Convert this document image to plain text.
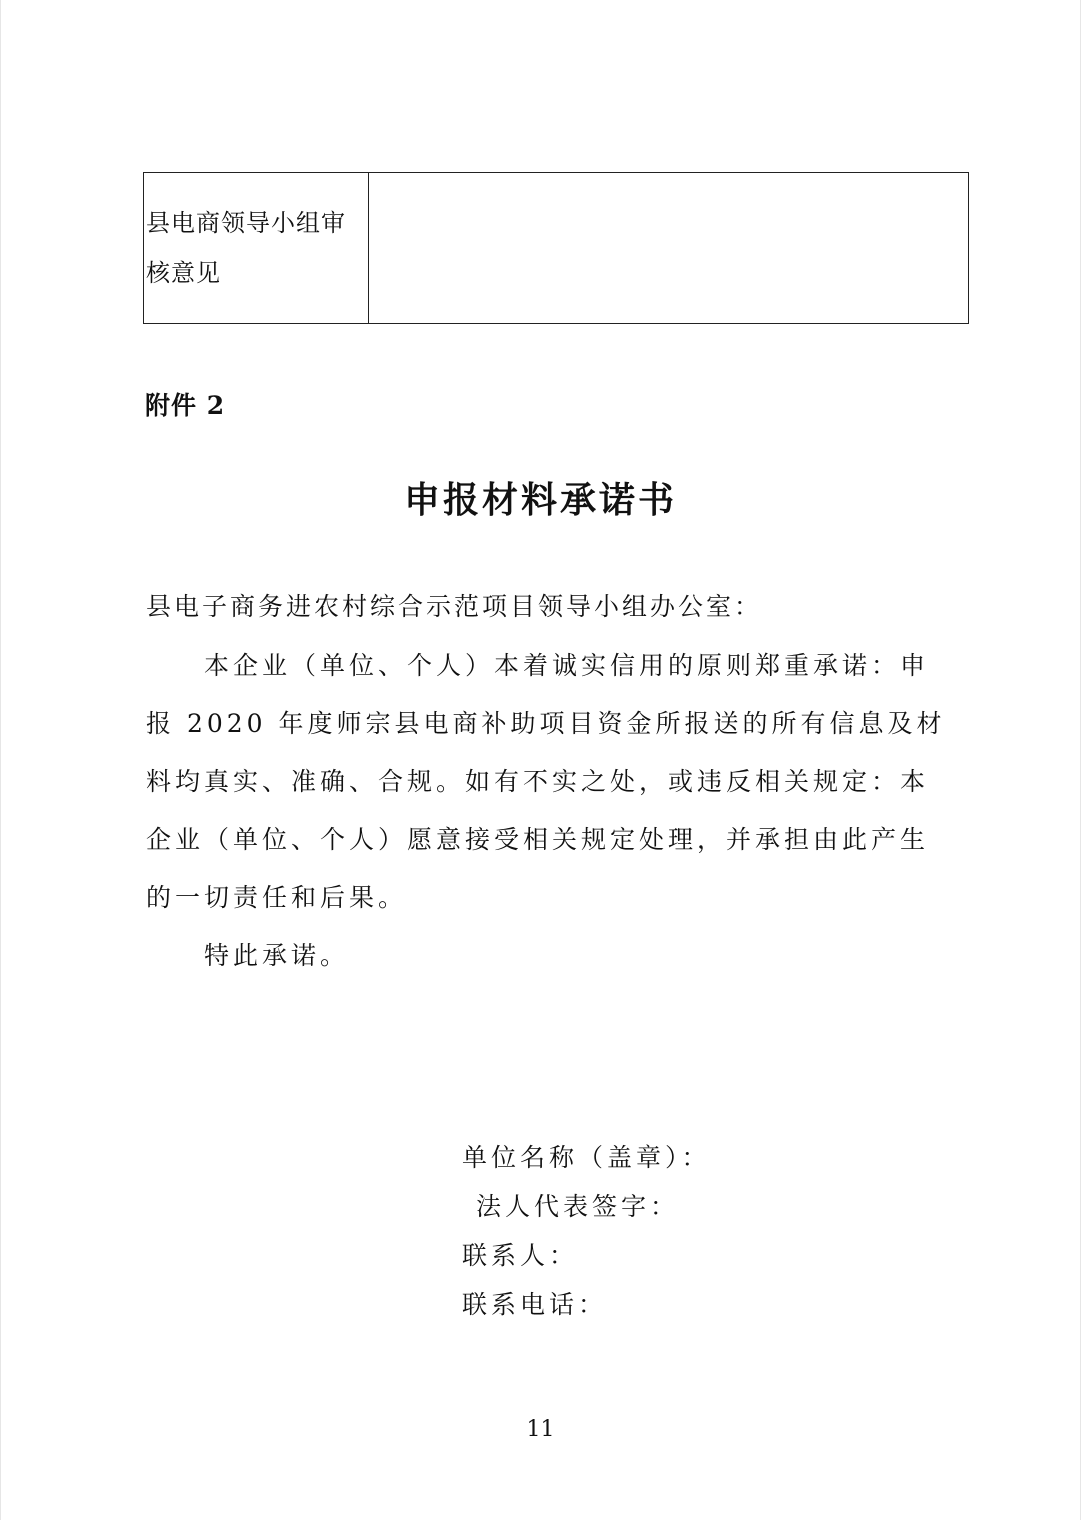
县电商领导小组审
核意见

附件 2
申报材料承诺书
县电子商务进农村综合示范项目领导小组办公室：

本企业（单位、个人）本着诚实信用的原则郑重承诺：申

报 2020 年度师宗县电商补助项目资金所报送的所有信息及材
料均真实、准确、合规。如有不实之处，或违反相关规定：本
企业（单位、个人）愿意接受相关规定处理，并承担由此产生
的一切责任和后果。

特此承诺。

单位名称（盖章）：
法人代表签字：
联系人：
联系电话：
11
